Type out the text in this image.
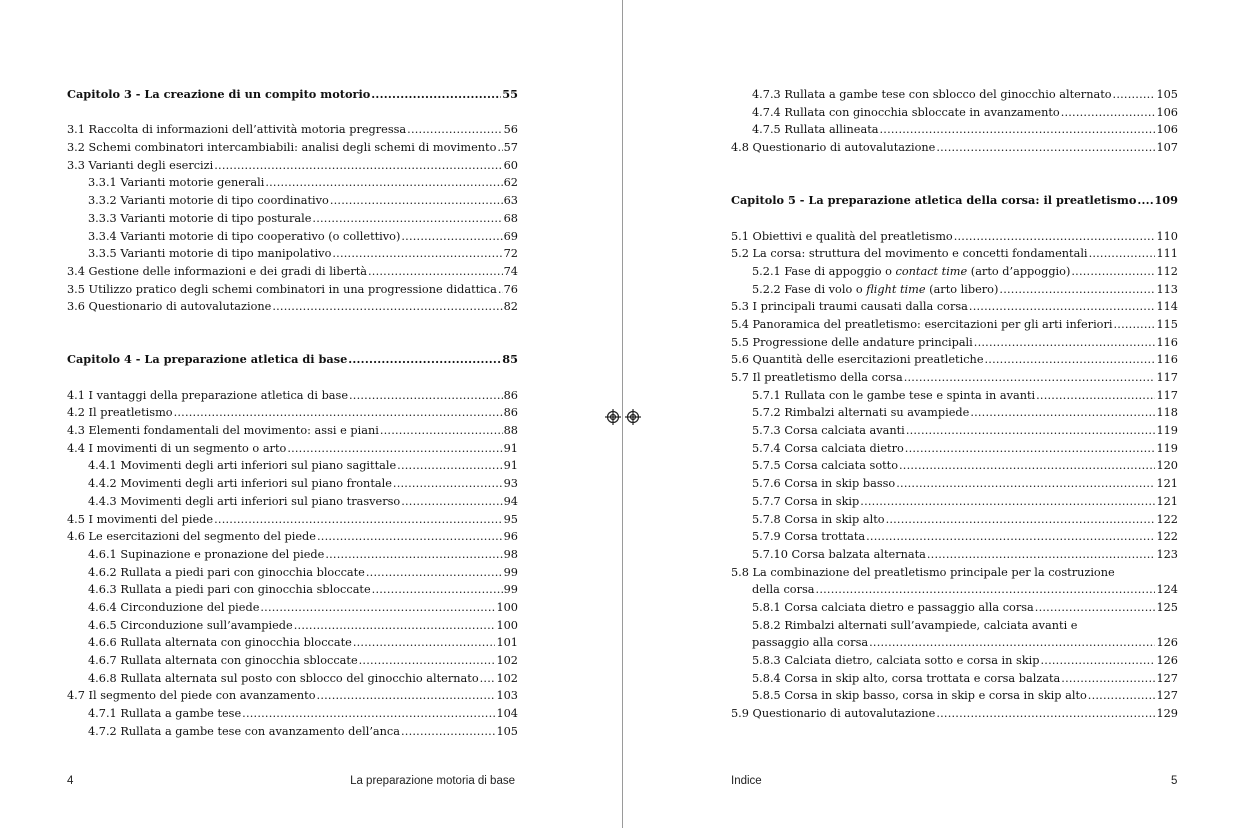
Capitolo 3 - La creazione di un compito motorio .....	55
3.1 Raccolta di informazioni dell’attività motoria pregressa .....	56
3.2 Schemi combinatori intercambiabili: analisi degli schemi di movimento ..... 57
3.3 Varianti degli esercizi .....	60
3.3.1 Varianti motorie generali .....	62
3.3.2 Varianti motorie di tipo coordinativo .....	63
3.3.3 Varianti motorie di tipo posturale .....	68
3.3.4 Varianti motorie di tipo cooperativo (o collettivo) .....	69
3.3.5 Varianti motorie di tipo manipolativo .....	72
3.4 Gestione delle informazioni e dei gradi di libertà .....	74
3.5 Utilizzo pratico degli schemi combinatori in una progressione didattica ..... 76
3.6 Questionario di autovalutazione .....	82
Capitolo 4 - La preparazione atletica di base .....	85
4.1 I vantaggi della preparazione atletica di base .....	86
4.2 Il preatletismo .....	86
4.3 Elementi fondamentali del movimento: assi e piani .....	88
4.4 I movimenti di un segmento o arto .....	91
4.4.1 Movimenti degli arti inferiori sul piano sagittale .....	91
4.4.2 Movimenti degli arti inferiori sul piano frontale .....	93
4.4.3 Movimenti degli arti inferiori sul piano trasverso .....	94
4.5 I movimenti del piede .....	95
4.6 Le esercitazioni del segmento del piede .....	96
4.6.1 Supinazione e pronazione del piede .....	98
4.6.2 Rullata a piedi pari con ginocchia bloccate .....	99
4.6.3 Rullata a piedi pari con ginocchia sbloccate .....	99
4.6.4 Circonduzione del piede .....	100
4.6.5 Circonduzione sull’avampiede .....	100
4.6.6 Rullata alternata con ginocchia bloccate .....	101
4.6.7 Rullata alternata con ginocchia sbloccate .....	102
4.6.8 Rullata alternata sul posto con sblocco del ginocchio alternato ..... 102
4.7 Il segmento del piede con avanzamento .....	103
4.7.1 Rullata a gambe tese .....	104
4.7.2 Rullata a gambe tese con avanzamento dell’anca .....	105
4	La preparazione motoria di base
4.7.3 Rullata a gambe tese con sblocco del ginocchio alternato .....	105
4.7.4 Rullata con ginocchia sbloccate in avanzamento .....	106
4.7.5 Rullata allineata .....	106
4.8 Questionario di autovalutazione .....	107
Capitolo 5 - La preparazione atletica della corsa: il preatletismo ..... 109
5.1 Obiettivi e qualità del preatletismo .....	110
5.2 La corsa: struttura del movimento e concetti fondamentali .....	111
5.2.1 Fase di appoggio o contact time (arto d’appoggio) .....	112
5.2.2 Fase di volo o flight time (arto libero) .....	113
5.3 I principali traumi causati dalla corsa .....	114
5.4 Panoramica del preatletismo: esercitazioni per gli arti inferiori .....	115
5.5 Progressione delle andature principali .....	116
5.6 Quantità delle esercitazioni preatletiche .....	116
5.7 Il preatletismo della corsa .....	117
5.7.1 Rullata con le gambe tese e spinta in avanti .....	117
5.7.2 Rimbalzi alternati su avampiede .....	118
5.7.3 Corsa calciata avanti .....	119
5.7.4 Corsa calciata dietro .....	119
5.7.5 Corsa calciata sotto .....	120
5.7.6 Corsa in skip basso .....	121
5.7.7 Corsa in skip .....	121
5.7.8 Corsa in skip alto .....	122
5.7.9 Corsa trottata .....	122
5.7.10 Corsa balzata alternata .....	123
5.8 La combinazione del preatletismo principale per la costruzione
della corsa .....	124
5.8.1 Corsa calciata dietro e passaggio alla corsa .....	125
5.8.2 Rimbalzi alternati sull’avampiede, calciata avanti e
passaggio alla corsa .....	126
5.8.3 Calciata dietro, calciata sotto e corsa in skip .....	126
5.8.4 Corsa in skip alto, corsa trottata e corsa balzata .....	127
5.8.5 Corsa in skip basso, corsa in skip e corsa in skip alto .....	127
5.9 Questionario di autovalutazione .....	129
Indice	5
